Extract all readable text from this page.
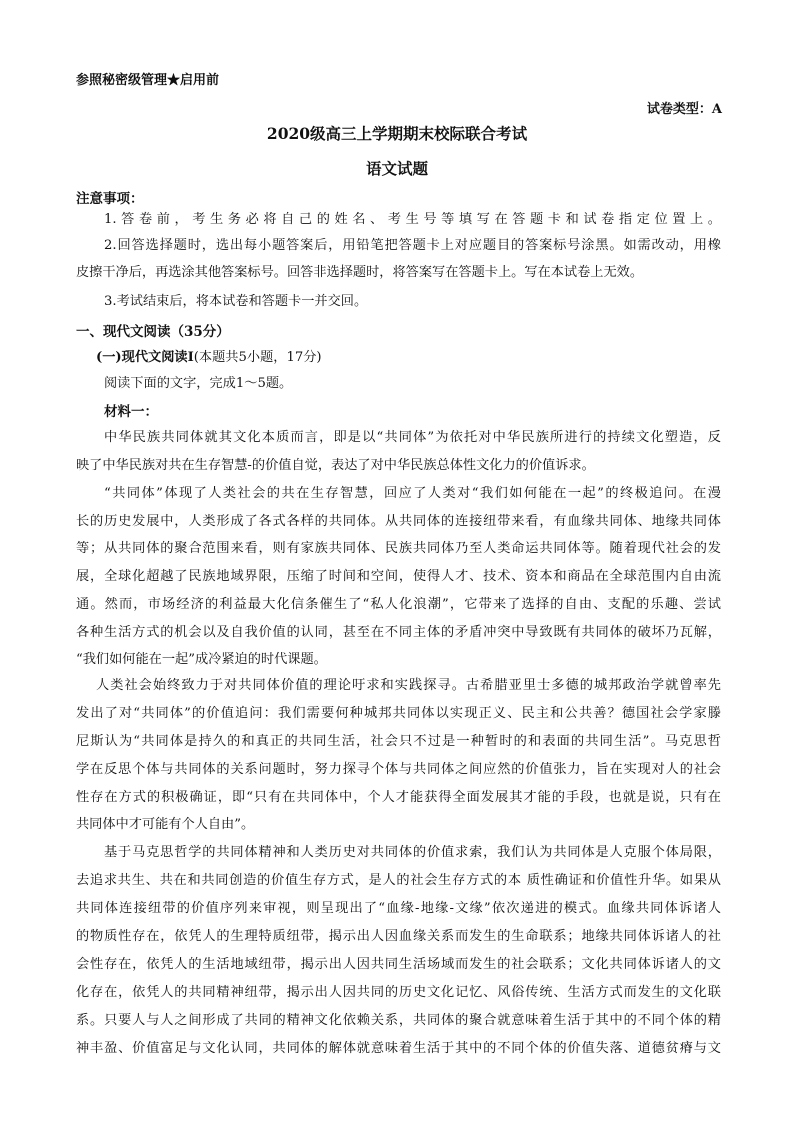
参照秘密级管理★启用前
试卷类型：A
2020级高三上学期期末校际联合考试
语文试题
注意事项：
1.答卷前，考生务必将自己的姓名、考生号等填写在答题卡和试卷指定位置上。
2.回答选择题时，选出每小题答案后，用铅笔把答题卡上对应题目的答案标号涂黑。如需改动，用橡
皮擦干净后，再选涂其他答案标号。回答非选择题时，将答案写在答题卡上。写在本试卷上无效。
3.考试结束后，将本试卷和答题卡一并交回。
一、现代文阅读（35分）
(一)现代文阅读Ⅰ(本题共5小题，17分)
阅读下面的文字，完成1～5题。
材料一：
中华民族共同体就其文化本质而言，即是以“共同体”为依托对中华民族所进行的持续文化塑造，反
映了中华民族对共在生存智慧-的价值自觉，表达了对中华民族总体性文化力的价值诉求。
“共同体”体现了人类社会的共在生存智慧，回应了人类对“我们如何能在一起”的终极追问。在漫
长的历史发展中，人类形成了各式各样的共同体。从共同体的连接纽带来看，有血缘共同体、地缘共同体
等；从共同体的聚合范围来看，则有家族共同体、民族共同体乃至人类命运共同体等。随着现代社会的发
展，全球化超越了民族地域界限，压缩了时间和空间，使得人才、技术、资本和商品在全球范围内自由流
通。然而，市场经济的利益最大化信条催生了“私人化浪潮”，它带来了选择的自由、支配的乐趣、尝试
各种生活方式的机会以及自我价值的认同，甚至在不同主体的矛盾冲突中导致既有共同体的破坏乃瓦解，
“我们如何能在一起”成冷紧迫的时代课题。
人类社会始终致力于对共同体价值的理论吁求和实践探寻。古希腊亚里士多德的城邦政治学就曾率先
发出了对“共同体”的价值追问：我们需要何种城邦共同体以实现正义、民主和公共善？德国社会学家滕
尼斯认为“共同体是持久的和真正的共同生活，社会只不过是一种暂时的和表面的共同生活”。马克思哲
学在反思个体与共同体的关系问题时，努力探寻个体与共同体之间应然的价值张力，旨在实现对人的社会
性存在方式的积极确证，即“只有在共同体中，个人才能获得全面发展其才能的手段，也就是说，只有在
共同体中才可能有个人自由”。
基于马克思哲学的共同体精神和人类历史对共同体的价值求索，我们认为共同体是人克服个体局限，
去追求共生、共在和共同创造的价值生存方式，是人的社会生存方式的本 质性确证和价值性升华。如果从
共同体连接纽带的价值序列来审视，则呈现出了“血缘-地缘-文缘”依次递进的模式。血缘共同体诉诸人
的物质性存在，依凭人的生理特质纽带，揭示出人因血缘关系而发生的生命联系；地缘共同体诉诸人的社
会性存在，依凭人的生活地域纽带，揭示出人因共同生活场域而发生的社会联系；文化共同体诉诸人的文
化存在，依凭人的共同精神纽带，揭示出人因共同的历史文化记忆、风俗传统、生活方式而发生的文化联
系。只要人与人之间形成了共同的精神文化依赖关系，共同体的聚合就意味着生活于其中的不同个体的精
神丰盈、价值富足与文化认同，共同体的解体就意味着生活于其中的不同个体的价值失落、道德贫瘠与文
